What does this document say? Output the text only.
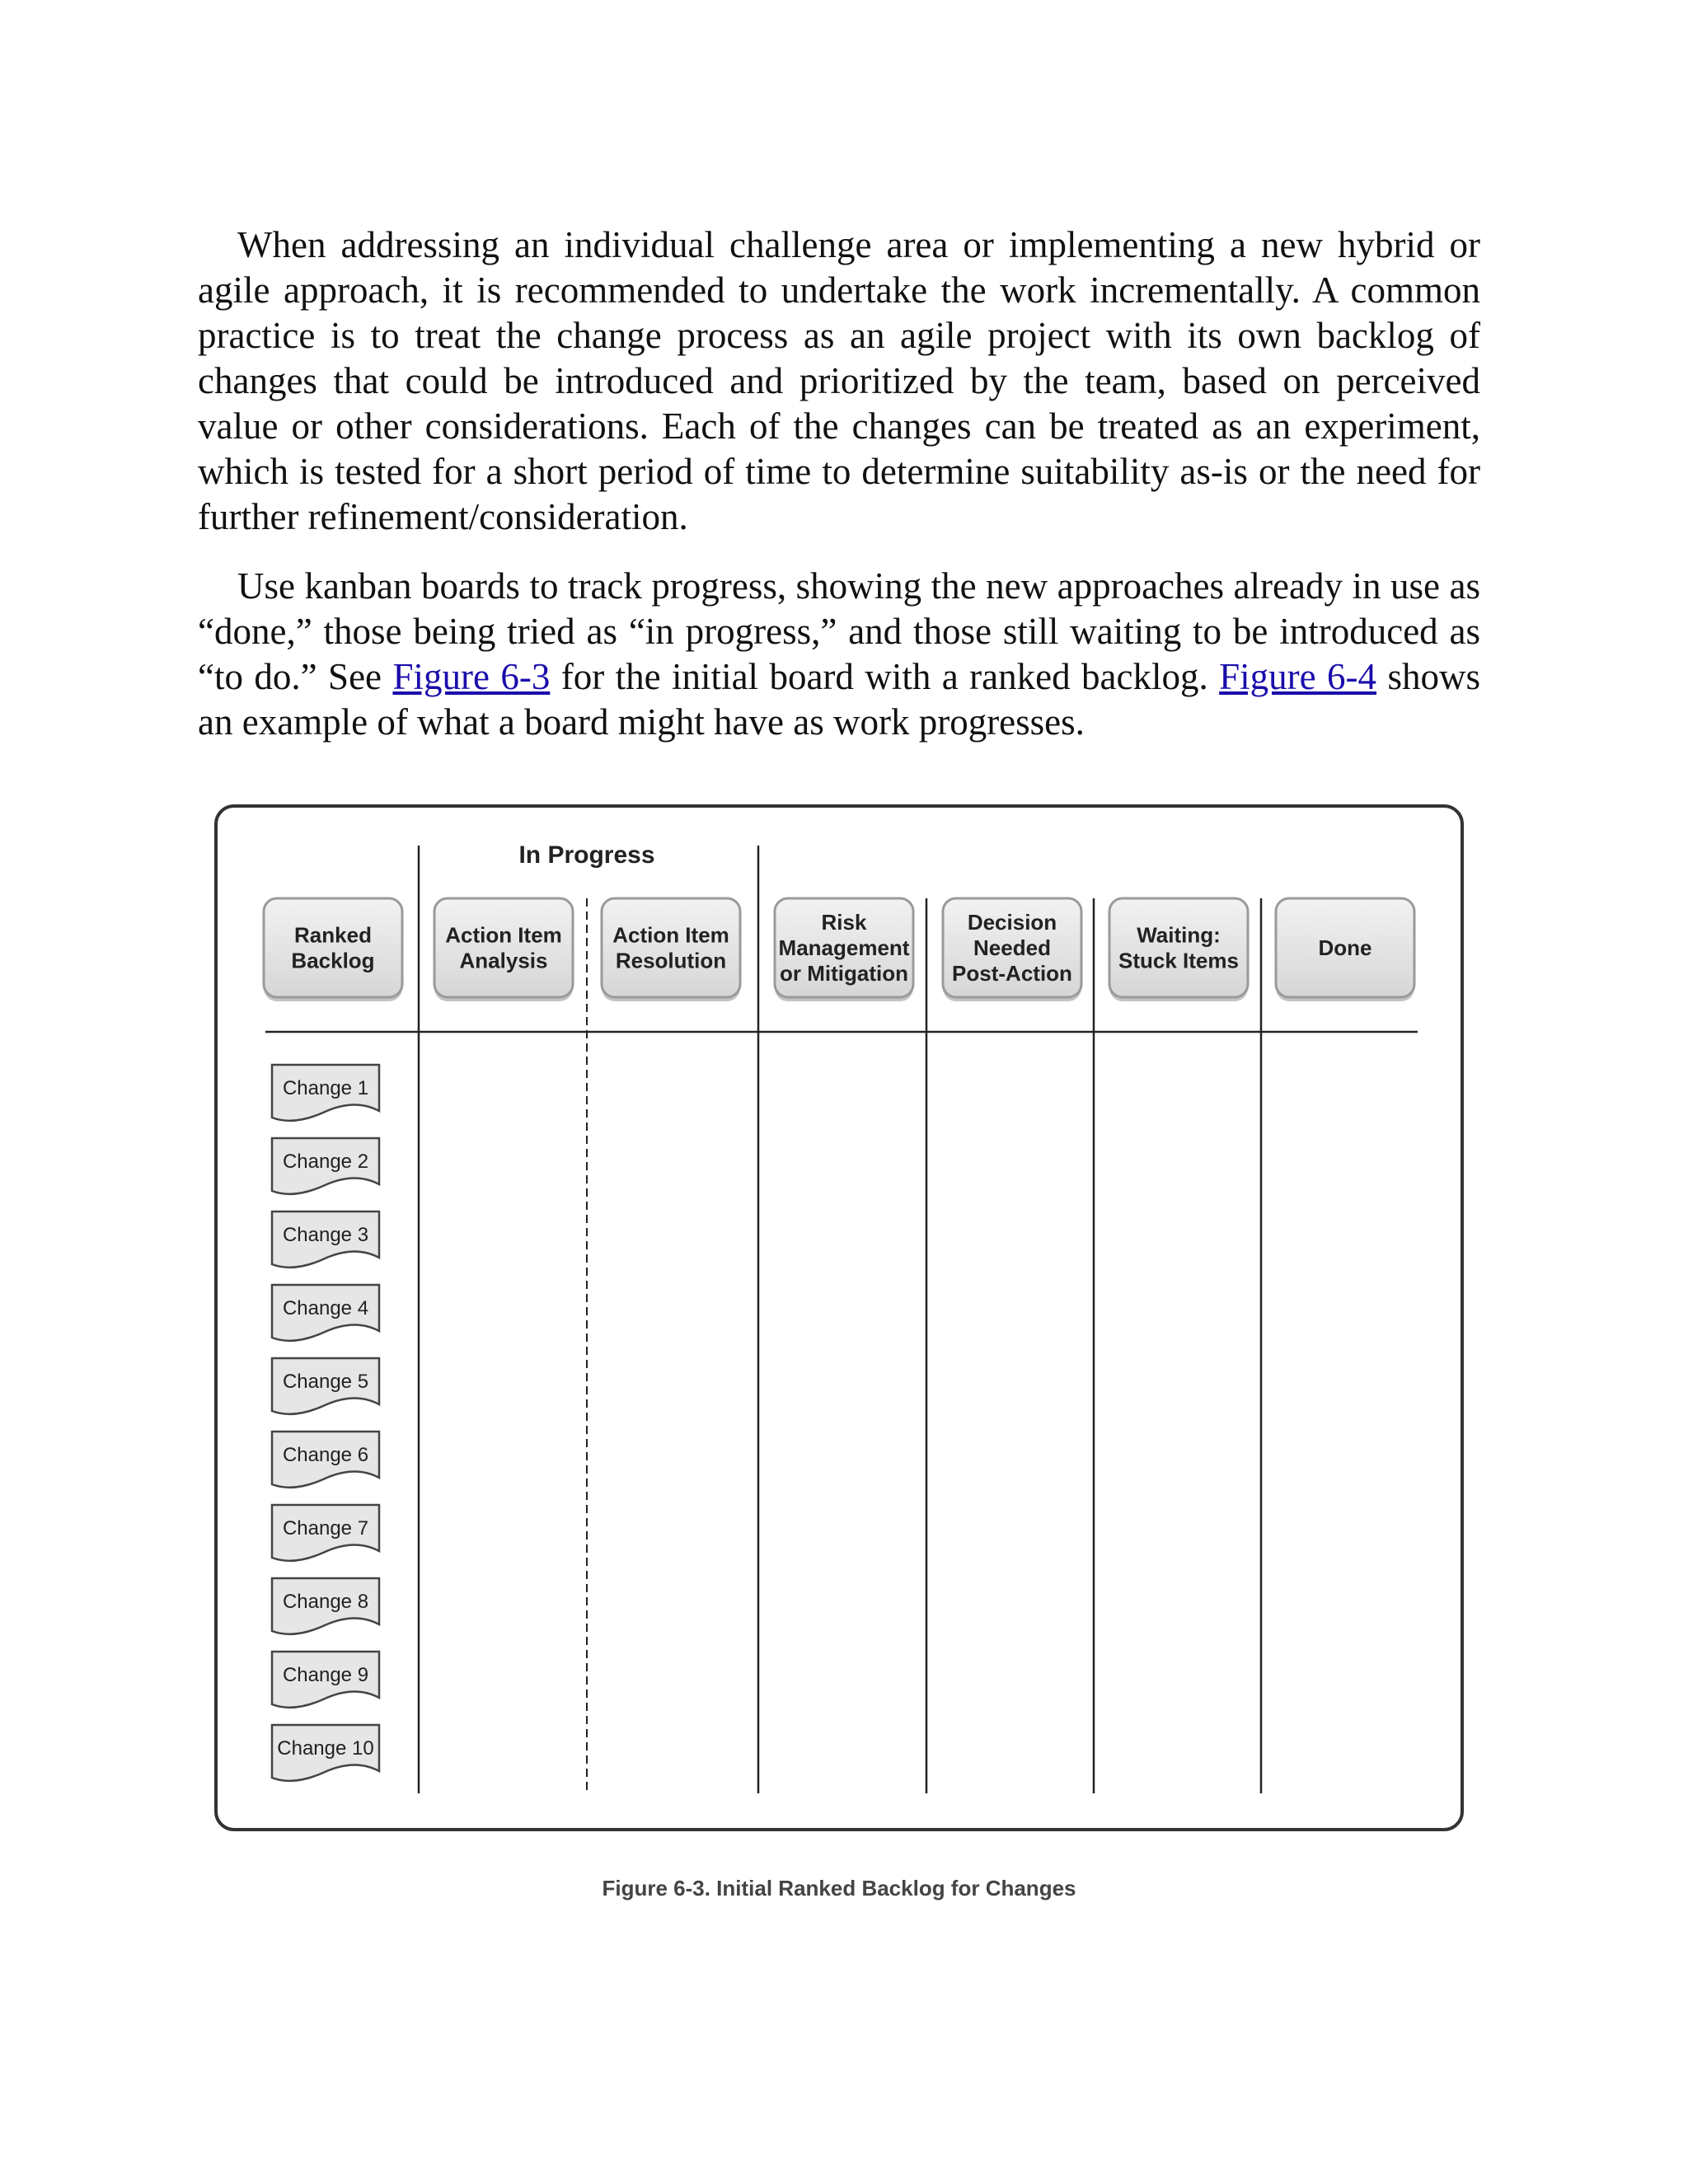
When addressing an individual challenge area or implementing a new hybrid or agile approach, it is recommended to undertake the work incrementally. A common practice is to treat the change process as an agile project with its own backlog of changes that could be introduced and prioritized by the team, based on perceived value or other considerations. Each of the changes can be treated as an experiment, which is tested for a short period of time to determine suitability as-is or the need for further refinement/consideration.

Use kanban boards to track progress, showing the new approaches already in use as “done,” those being tried as “in progress,” and those still waiting to be introduced as “to do.” See Figure 6-3 for the initial board with a ranked backlog. Figure 6-4 shows an example of what a board might have as work progresses.

In Progress
Ranked
Backlog
Action Item
Analysis
Action Item
Resolution
Risk
Management
or Mitigation
Decision
Needed
Post-Action
Waiting:
Stuck Items
Done
Change 1
Change 2
Change 3
Change 4
Change 5
Change 6
Change 7
Change 8
Change 9
Change 10
Figure 6-3. Initial Ranked Backlog for Changes
